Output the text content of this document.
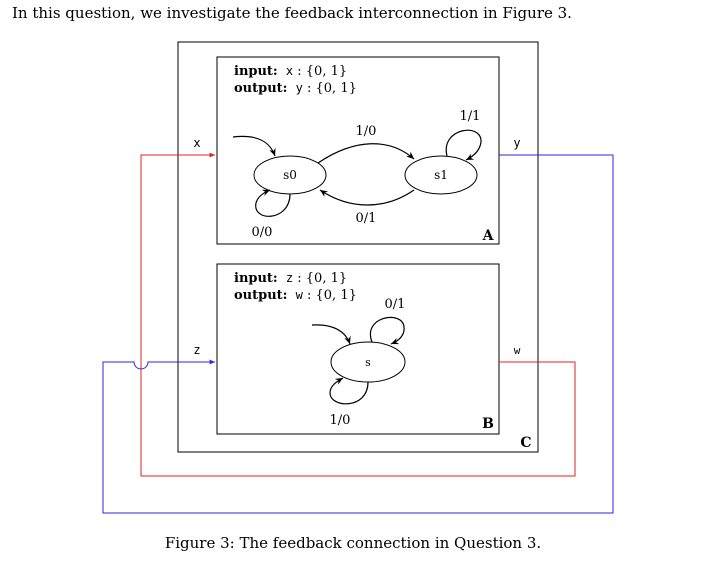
In this question, we investigate the feedback interconnection in Figure 3.
input: x : {0, 1}
output: y : {0, 1}
s0	s1
1/0
0/1
0/0
1/1
A
input: z : {0, 1}
output: w : {0, 1}
s
0/1
1/0	B
C
x	y
z	w
Figure 3: The feedback connection in Question 3.
